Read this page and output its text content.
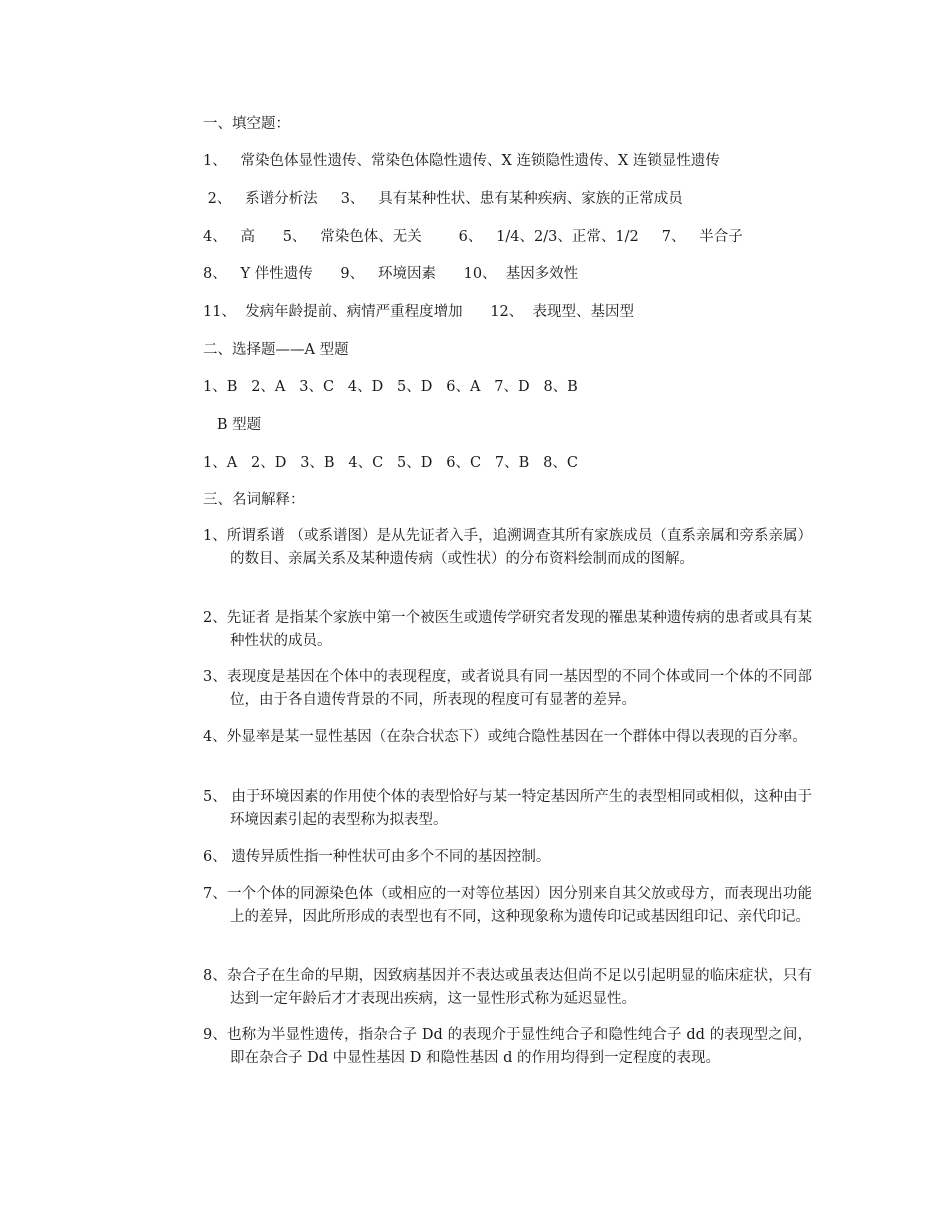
一、填空题：
1、   常染色体显性遗传、常染色体隐性遗传、X 连锁隐性遗传、X 连锁显性遗传
2、   系谱分析法     3、   具有某种性状、患有某种疾病、家族的正常成员
4、   高      5、   常染色体、无关        6、   1/4、2/3、正常、1/2     7、   半合子
8、   Y 伴性遗传      9、   环境因素      10、  基因多效性
11、  发病年龄提前、病情严重程度增加      12、  表现型、基因型
二、选择题——A 型题
1、B   2、A   3、C   4、D   5、D   6、A   7、D   8、B
B 型题
1、A   2、D   3、B   4、C   5、D   6、C   7、B   8、C
三、名词解释：
1、所谓系谱 （或系谱图）是从先证者入手，追溯调查其所有家族成员（直系亲属和旁系亲属）的数目、亲属关系及某种遗传病（或性状）的分布资料绘制而成的图解。
2、先证者 是指某个家族中第一个被医生或遗传学研究者发现的罹患某种遗传病的患者或具有某种性状的成员。
3、表现度是基因在个体中的表现程度，或者说具有同一基因型的不同个体或同一个体的不同部位，由于各自遗传背景的不同，所表现的程度可有显著的差异。
4、外显率是某一显性基因（在杂合状态下）或纯合隐性基因在一个群体中得以表现的百分率。
5、 由于环境因素的作用使个体的表型恰好与某一特定基因所产生的表型相同或相似，这种由于环境因素引起的表型称为拟表型。
6、 遗传异质性指一种性状可由多个不同的基因控制。
7、一个个体的同源染色体（或相应的一对等位基因）因分别来自其父放或母方，而表现出功能上的差异，因此所形成的表型也有不同，这种现象称为遗传印记或基因组印记、亲代印记。
8、杂合子在生命的早期，因致病基因并不表达或虽表达但尚不足以引起明显的临床症状，只有达到一定年龄后才才表现出疾病，这一显性形式称为延迟显性。
9、也称为半显性遗传，指杂合子 Dd 的表现介于显性纯合子和隐性纯合子 dd 的表现型之间，即在杂合子 Dd 中显性基因 D 和隐性基因 d 的作用均得到一定程度的表现。
